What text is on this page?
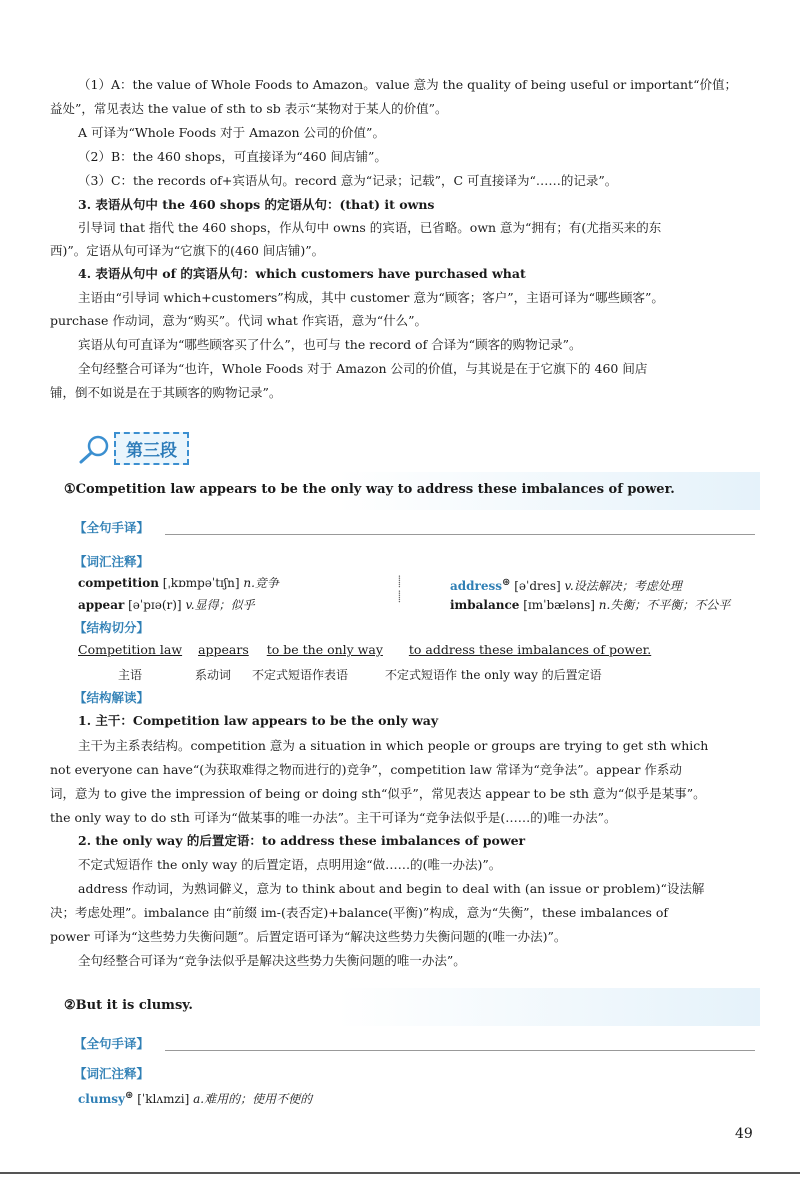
（1）A：the value of Whole Foods to Amazon。value 意为 the quality of being useful or important“价值；
益处”，常见表达 the value of sth to sb 表示“某物对于某人的价值”。
A 可译为“Whole Foods 对于 Amazon 公司的价值”。
（2）B：the 460 shops，可直接译为“460 间店铺”。
（3）C：the records of+宾语从句。record 意为“记录；记载”，C 可直接译为“……的记录”。
3. 表语从句中 the 460 shops 的定语从句：(that) it owns
引导词 that 指代 the 460 shops，作从句中 owns 的宾语，已省略。own 意为“拥有；有(尤指买来的东
西)”。定语从句可译为“它旗下的(460 间店铺)”。
4. 表语从句中 of 的宾语从句：which customers have purchased what
主语由“引导词 which+customers”构成，其中 customer 意为“顾客；客户”，主语可译为“哪些顾客”。
purchase 作动词，意为“购买”。代词 what 作宾语，意为“什么”。
宾语从句可直译为“哪些顾客买了什么”，也可与 the record of 合译为“顾客的购物记录”。
全句经整合可译为“也许，Whole Foods 对于 Amazon 公司的价值，与其说是在于它旗下的 460 间店
铺，倒不如说是在于其顾客的购物记录”。
第三段
①Competition law appears to be the only way to address these imbalances of power.
【全句手译】
【词汇注释】
competition [ˌkɒmpəˈtɪʃn] n.竞争
appear [əˈpɪə(r)] v.显得；似乎
⸽
⸽
address⊛ [əˈdres] v.设法解决；考虑处理
imbalance [ɪmˈbæləns] n.失衡；不平衡；不公平
【结构切分】
Competition law appears to be the only way to address these imbalances of power.
主语	系动词 不定式短语作表语	不定式短语作 the only way 的后置定语
【结构解读】
1. 主干：Competition law appears to be the only way
主干为主系表结构。competition 意为 a situation in which people or groups are trying to get sth which
not everyone can have“(为获取难得之物而进行的)竞争”，competition law 常译为“竞争法”。appear 作系动
词，意为 to give the impression of being or doing sth“似乎”，常见表达 appear to be sth 意为“似乎是某事”。
the only way to do sth 可译为“做某事的唯一办法”。主干可译为“竞争法似乎是(……的)唯一办法”。
2. the only way 的后置定语：to address these imbalances of power
不定式短语作 the only way 的后置定语，点明用途“做……的(唯一办法)”。
address 作动词，为熟词僻义，意为 to think about and begin to deal with (an issue or problem)“设法解
决；考虑处理”。imbalance 由“前缀 im-(表否定)+balance(平衡)”构成，意为“失衡”，these imbalances of
power 可译为“这些势力失衡问题”。后置定语可译为“解决这些势力失衡问题的(唯一办法)”。
全句经整合可译为“竞争法似乎是解决这些势力失衡问题的唯一办法”。
②But it is clumsy.
【全句手译】
【词汇注释】
clumsy⊛ [ˈklʌmzi] a.难用的；使用不便的
49
